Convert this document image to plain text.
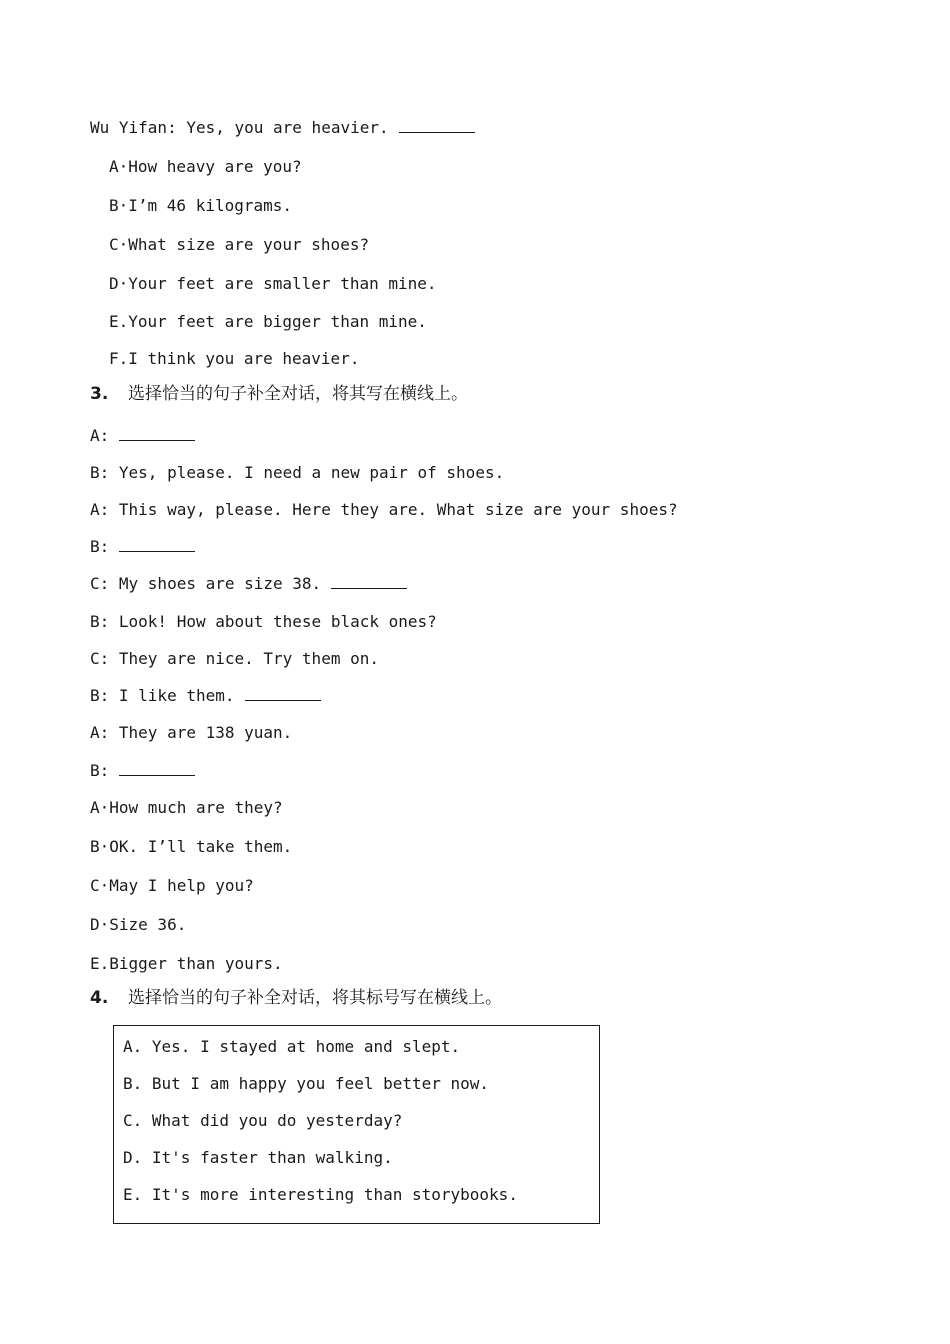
Wu Yifan: Yes, you are heavier.
A·How heavy are you?
B·I’m 46 kilograms.
C·What size are your shoes?
D·Your feet are smaller than mine.
E.Your feet are bigger than mine.
F.I think you are heavier.
3. 选择恰当的句子补全对话，将其写在横线上。
A:
B: Yes, please. I need a new pair of shoes.
A: This way, please. Here they are. What size are your shoes?
B:
C: My shoes are size 38.
B: Look! How about these black ones?
C: They are nice. Try them on.
B: I like them.
A: They are 138 yuan.
B:
A·How much are they?
B·OK. I’ll take them.
C·May I help you?
D·Size 36.
E.Bigger than yours.
4. 选择恰当的句子补全对话，将其标号写在横线上。
A. Yes. I stayed at home and slept.
B. But I am happy you feel better now.
C. What did you do yesterday?
D. It's faster than walking.
E. It's more interesting than storybooks.
